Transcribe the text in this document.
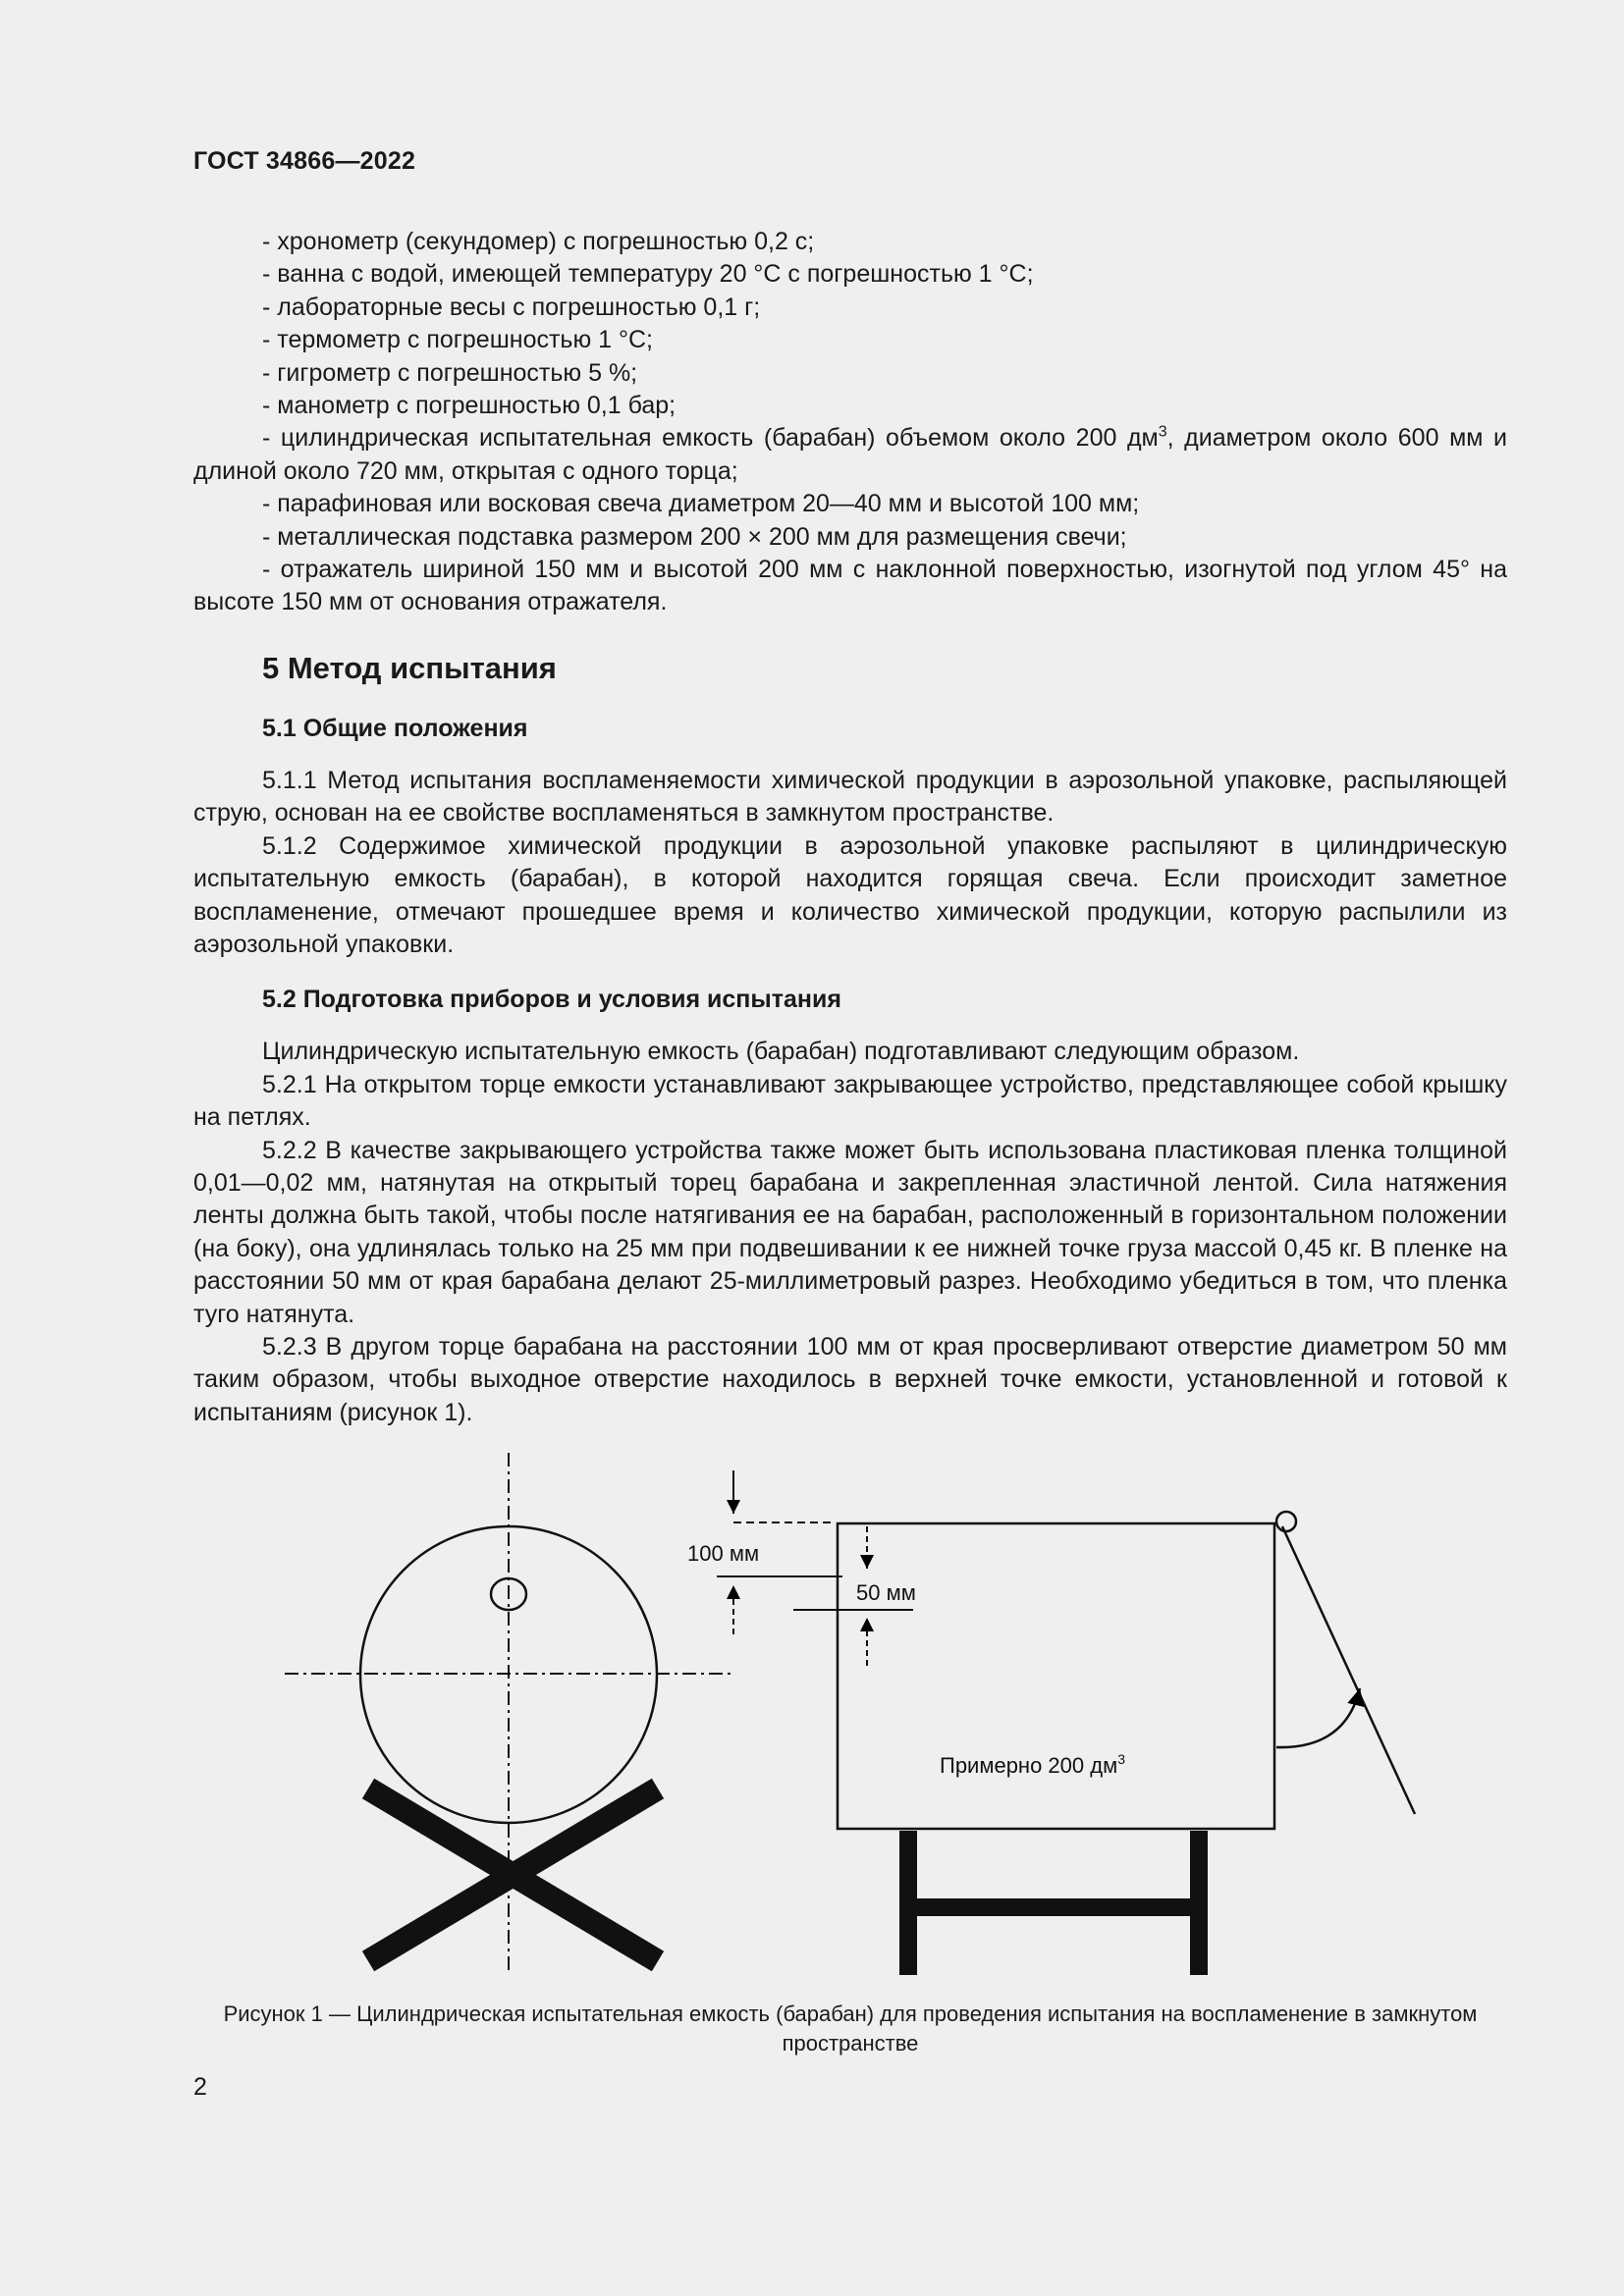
ГОСТ 34866—2022
- хронометр (секундомер) с погрешностью 0,2 с;
- ванна с водой, имеющей температуру 20 °С с погрешностью 1 °С;
- лабораторные весы с погрешностью 0,1 г;
- термометр с погрешностью 1 °С;
- гигрометр с погрешностью 5 %;
- манометр с погрешностью 0,1 бар;
- цилиндрическая испытательная емкость (барабан) объемом около 200 $дм^3$, диаметром около 600 мм и длиной около 720 мм, открытая с одного торца;
- парафиновая или восковая свеча диаметром 20—40 мм и высотой 100 мм;
- металлическая подставка размером 200 × 200 мм для размещения свечи;
- отражатель шириной 150 мм и высотой 200 мм с наклонной поверхностью, изогнутой под углом 45° на высоте 150 мм от основания отражателя.
5 Метод испытания
5.1 Общие положения

5.1.1 Метод испытания воспламеняемости химической продукции в аэрозольной упаковке, распыляющей струю, основан на ее свойстве воспламеняться в замкнутом пространстве.

5.1.2 Содержимое химической продукции в аэрозольной упаковке распыляют в цилиндрическую испытательную емкость (барабан), в которой находится горящая свеча. Если происходит заметное воспламенение, отмечают прошедшее время и количество химической продукции, которую распылили из аэрозольной упаковки.

5.2 Подготовка приборов и условия испытания

Цилиндрическую испытательную емкость (барабан) подготавливают следующим образом.

5.2.1 На открытом торце емкости устанавливают закрывающее устройство, представляющее собой крышку на петлях.

5.2.2 В качестве закрывающего устройства также может быть использована пластиковая пленка толщиной 0,01—0,02 мм, натянутая на открытый торец барабана и закрепленная эластичной лентой. Сила натяжения ленты должна быть такой, чтобы после натягивания ее на барабан, расположенный в горизонтальном положении (на боку), она удлинялась только на 25 мм при подвешивании к ее нижней точке груза массой 0,45 кг. В пленке на расстоянии 50 мм от края барабана делают 25-миллиметровый разрез. Необходимо убедиться в том, что пленка туго натянута.

5.2.3 В другом торце барабана на расстоянии 100 мм от края просверливают отверстие диаметром 50 мм таким образом, чтобы выходное отверстие находилось в верхней точке емкости, установленной и готовой к испытаниям (рисунок 1).

100 мм
50 мм
Примерно 200 $дм^3$
Рисунок 1 — Цилиндрическая испытательная емкость (барабан) для проведения испытания на воспламенение в замкнутом пространстве
2
